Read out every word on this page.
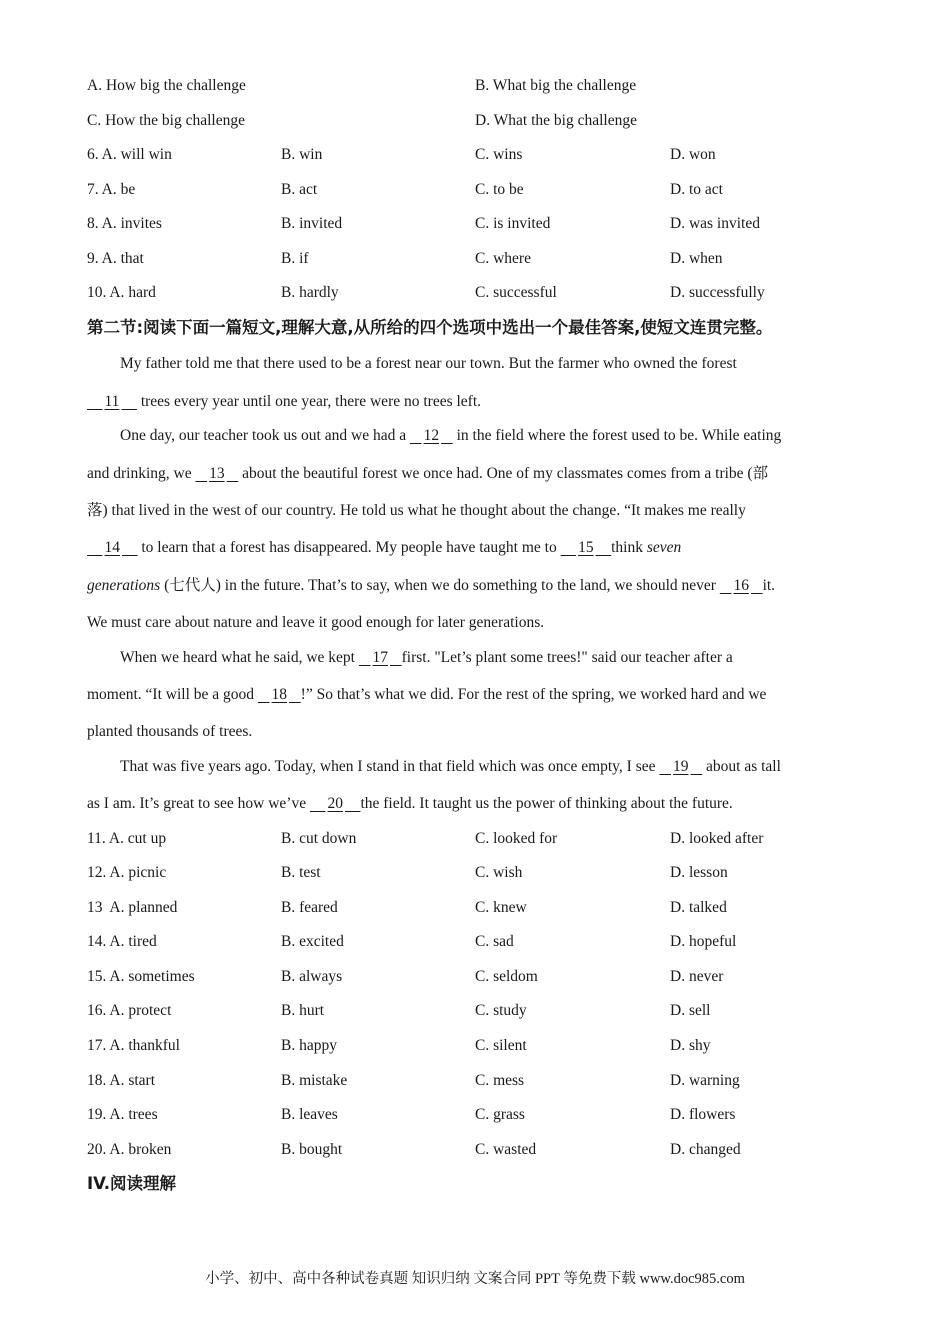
A. How big the challenge	B. What big the challenge
C. How the big challenge	D. What the big challenge
6. A. will win	B. win	C. wins	D. won
7. A. be	B. act	C. to be	D. to act
8. A. invites	B. invited	C. is invited	D. was invited
9. A. that	B. if	C. where	D. when
10. A. hard	B. hardly	C. successful	D. successfully
第二节:阅读下面一篇短文,理解大意,从所给的四个选项中选出一个最佳答案,使短文连贯完整。
My father told me that there used to be a forest near our town. But the farmer who owned the forest
11 trees every year until one year, there were no trees left.
One day, our teacher took us out and we had a 12 in the field where the forest used to be. While eating
and drinking, we 13 about the beautiful forest we once had. One of my classmates comes from a tribe (部
落) that lived in the west of our country. He told us what he thought about the change. “It makes me really
14 to learn that a forest has disappeared. My people have taught me to 15 think seven
generations (七代人) in the future. That’s to say, when we do something to the land, we should never 16 it.
We must care about nature and leave it good enough for later generations.
When we heard what he said, we kept 17 first. "Let’s plant some trees!" said our teacher after a
moment. “It will be a good 18 !” So that’s what we did. For the rest of the spring, we worked hard and we
planted thousands of trees.
That was five years ago. Today, when I stand in that field which was once empty, I see 19 about as tall
as I am. It’s great to see how we’ve 20 the field. It taught us the power of thinking about the future.
11. A. cut up	B. cut down	C. looked for	D. looked after
12. A. picnic	B. test	C. wish	D. lesson
13  A. planned	B. feared	C. knew	D. talked
14. A. tired	B. excited	C. sad	D. hopeful
15. A. sometimes	B. always	C. seldom	D. never
16. A. protect	B. hurt	C. study	D. sell
17. A. thankful	B. happy	C. silent	D. shy
18. A. start	B. mistake	C. mess	D. warning
19. A. trees	B. leaves	C. grass	D. flowers
20. A. broken	B. bought	C. wasted	D. changed
IV.阅读理解
小学、初中、高中各种试卷真题 知识归纳 文案合同 PPT 等免费下载 www.doc985.com
